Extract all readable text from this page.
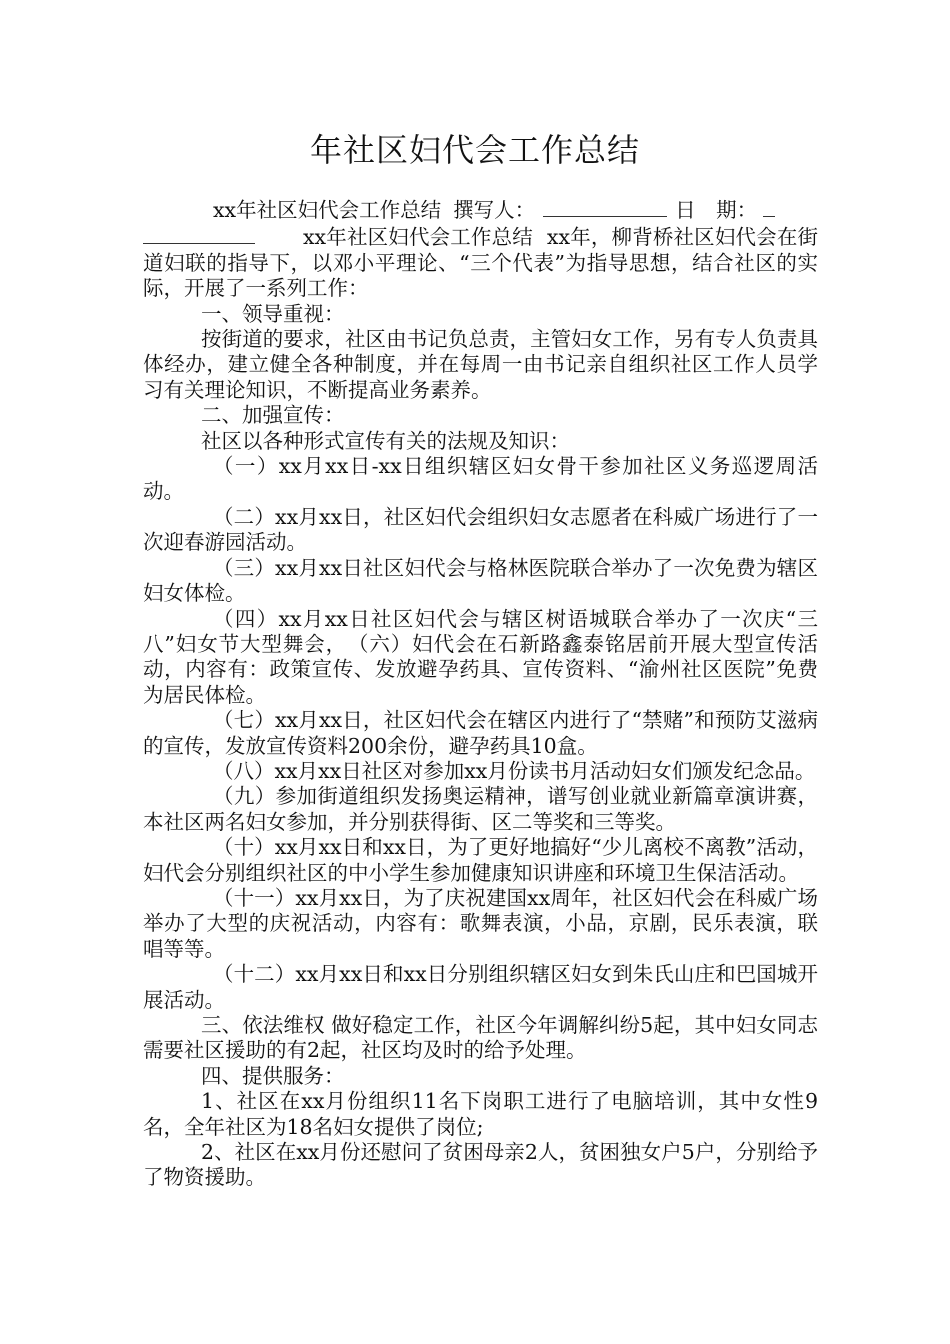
年社区妇代会工作总结

xx年社区妇代会工作总结 撰写人：	日　期：

xx年社区妇代会工作总结 xx年，柳背桥社区妇代会在街道妇联的指导下，以邓小平理论、“三个代表”为指导思想，结合社区的实际，开展了一系列工作：

一、领导重视：

按街道的要求，社区由书记负总责，主管妇女工作，另有专人负责具体经办，建立健全各种制度，并在每周一由书记亲自组织社区工作人员学习有关理论知识，不断提高业务素养。

二、加强宣传：

社区以各种形式宣传有关的法规及知识：

（一）xx月xx日-xx日组织辖区妇女骨干参加社区义务巡逻周活动。

（二）xx月xx日，社区妇代会组织妇女志愿者在科威广场进行了一次迎春游园活动。

（三）xx月xx日社区妇代会与格林医院联合举办了一次免费为辖区妇女体检。

（四）xx月xx日社区妇代会与辖区树语城联合举办了一次庆“三八”妇女节大型舞会，　（六）妇代会在石新路鑫泰铭居前开展大型宣传活动，内容有：政策宣传、发放避孕药具、宣传资料、“渝州社区医院”免费为居民体检。

（七）xx月xx日，社区妇代会在辖区内进行了“禁赌”和预防艾滋病的宣传，发放宣传资料200余份，避孕药具10盒。

（八）xx月xx日社区对参加xx月份读书月活动妇女们颁发纪念品。

（九）参加街道组织发扬奥运精神，谱写创业就业新篇章演讲赛，本社区两名妇女参加，并分别获得街、区二等奖和三等奖。

（十）xx月xx日和xx日，为了更好地搞好“少儿离校不离教”活动，妇代会分别组织社区的中小学生参加健康知识讲座和环境卫生保洁活动。

（十一）xx月xx日，为了庆祝建国xx周年，社区妇代会在科威广场举办了大型的庆祝活动，内容有：歌舞表演，小品，京剧，民乐表演，联唱等等。

（十二）xx月xx日和xx日分别组织辖区妇女到朱氏山庄和巴国城开展活动。

三、依法维权 做好稳定工作，社区今年调解纠纷5起，其中妇女同志需要社区援助的有2起，社区均及时的给予处理。

四、提供服务：

1、社区在xx月份组织11名下岗职工进行了电脑培训，其中女性9名，全年社区为18名妇女提供了岗位;

2、社区在xx月份还慰问了贫困母亲2人，贫困独女户5户，分别给予了物资援助。
